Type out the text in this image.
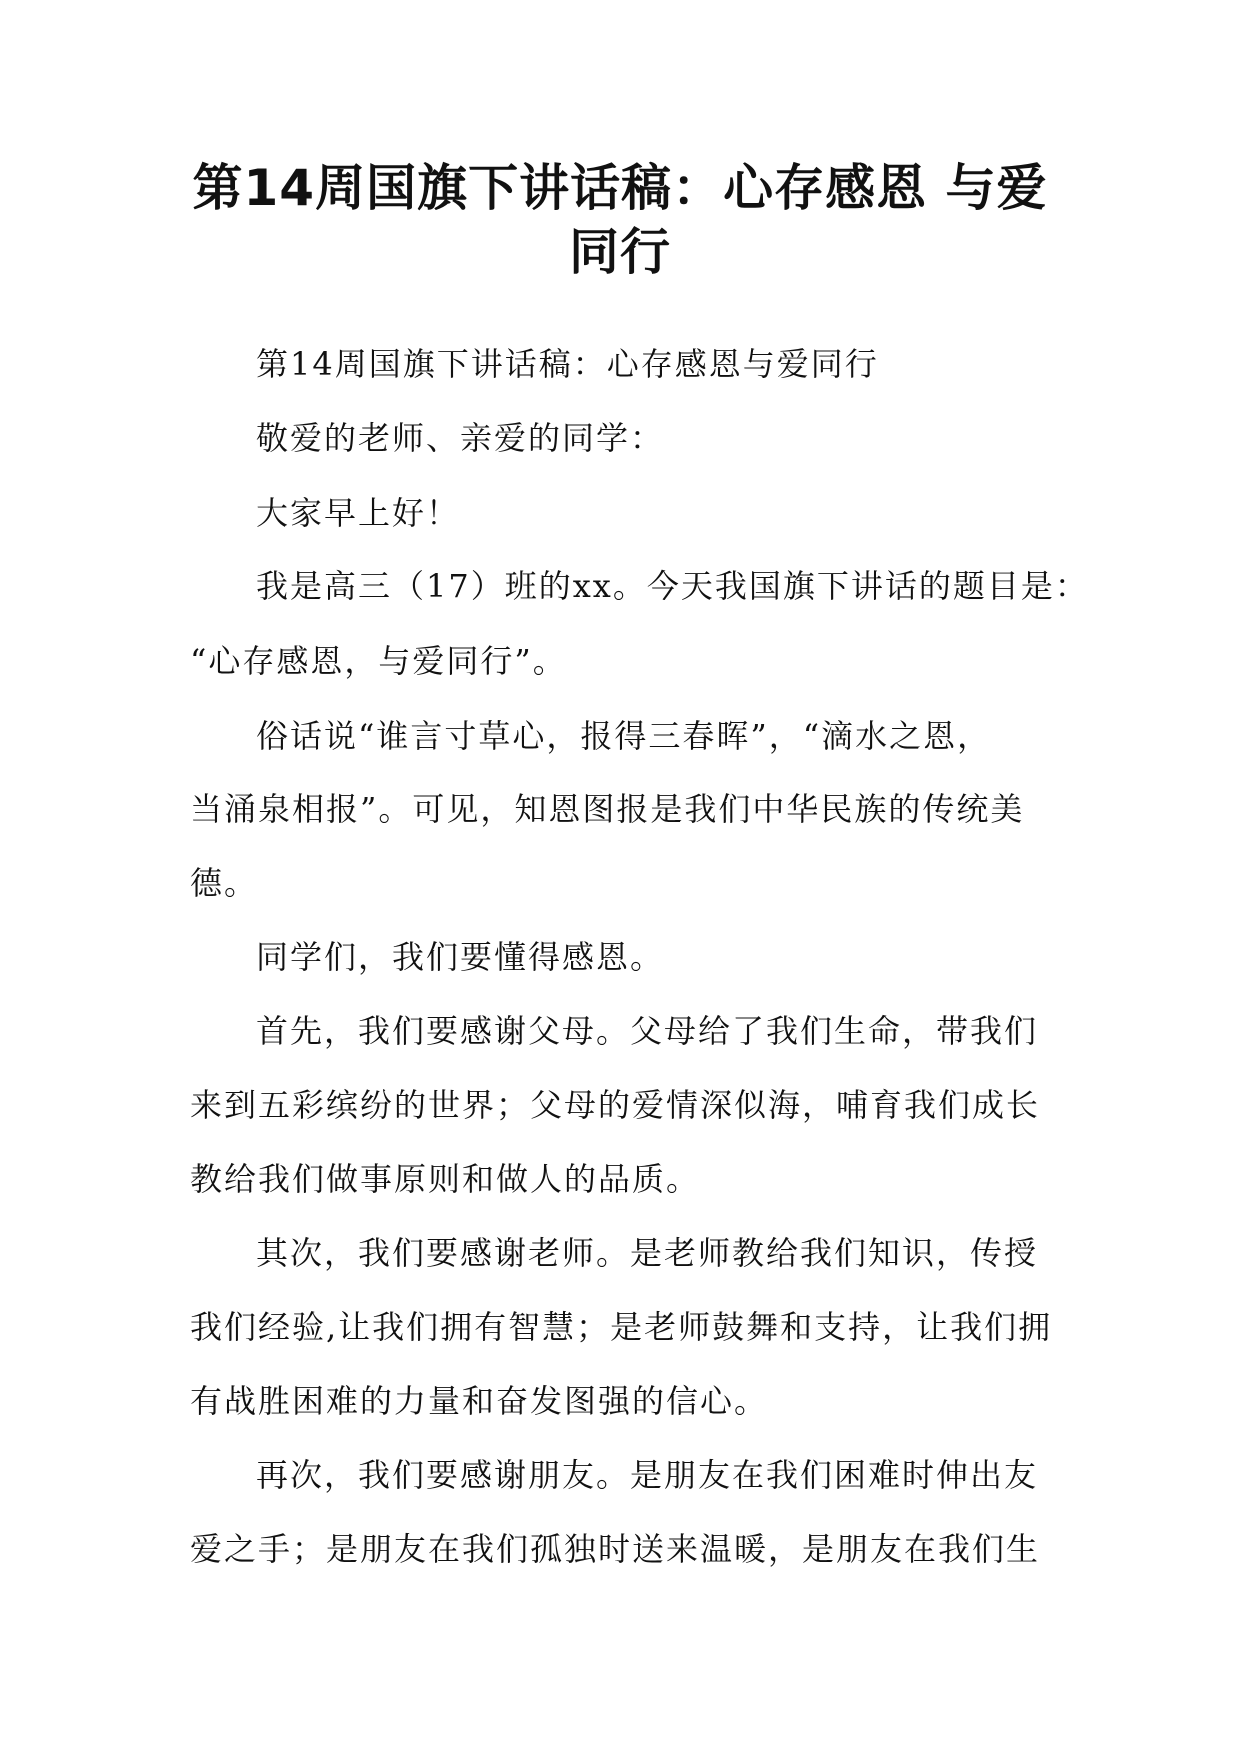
第14周国旗下讲话稿：心存感恩 与爱
同行
第14周国旗下讲话稿：心存感恩与爱同行
敬爱的老师、亲爱的同学：
大家早上好！
我是高三（17）班的xx。今天我国旗下讲话的题目是：
“心存感恩，与爱同行”。
俗话说“谁言寸草心，报得三春晖”，“滴水之恩，
当涌泉相报”。可见，知恩图报是我们中华民族的传统美
德。
同学们，我们要懂得感恩。
首先，我们要感谢父母。父母给了我们生命，带我们
来到五彩缤纷的世界；父母的爱情深似海，哺育我们成长
教给我们做事原则和做人的品质。
其次，我们要感谢老师。是老师教给我们知识，传授
我们经验,让我们拥有智慧；是老师鼓舞和支持，让我们拥
有战胜困难的力量和奋发图强的信心。
再次，我们要感谢朋友。是朋友在我们困难时伸出友
爱之手；是朋友在我们孤独时送来温暖，是朋友在我们生
